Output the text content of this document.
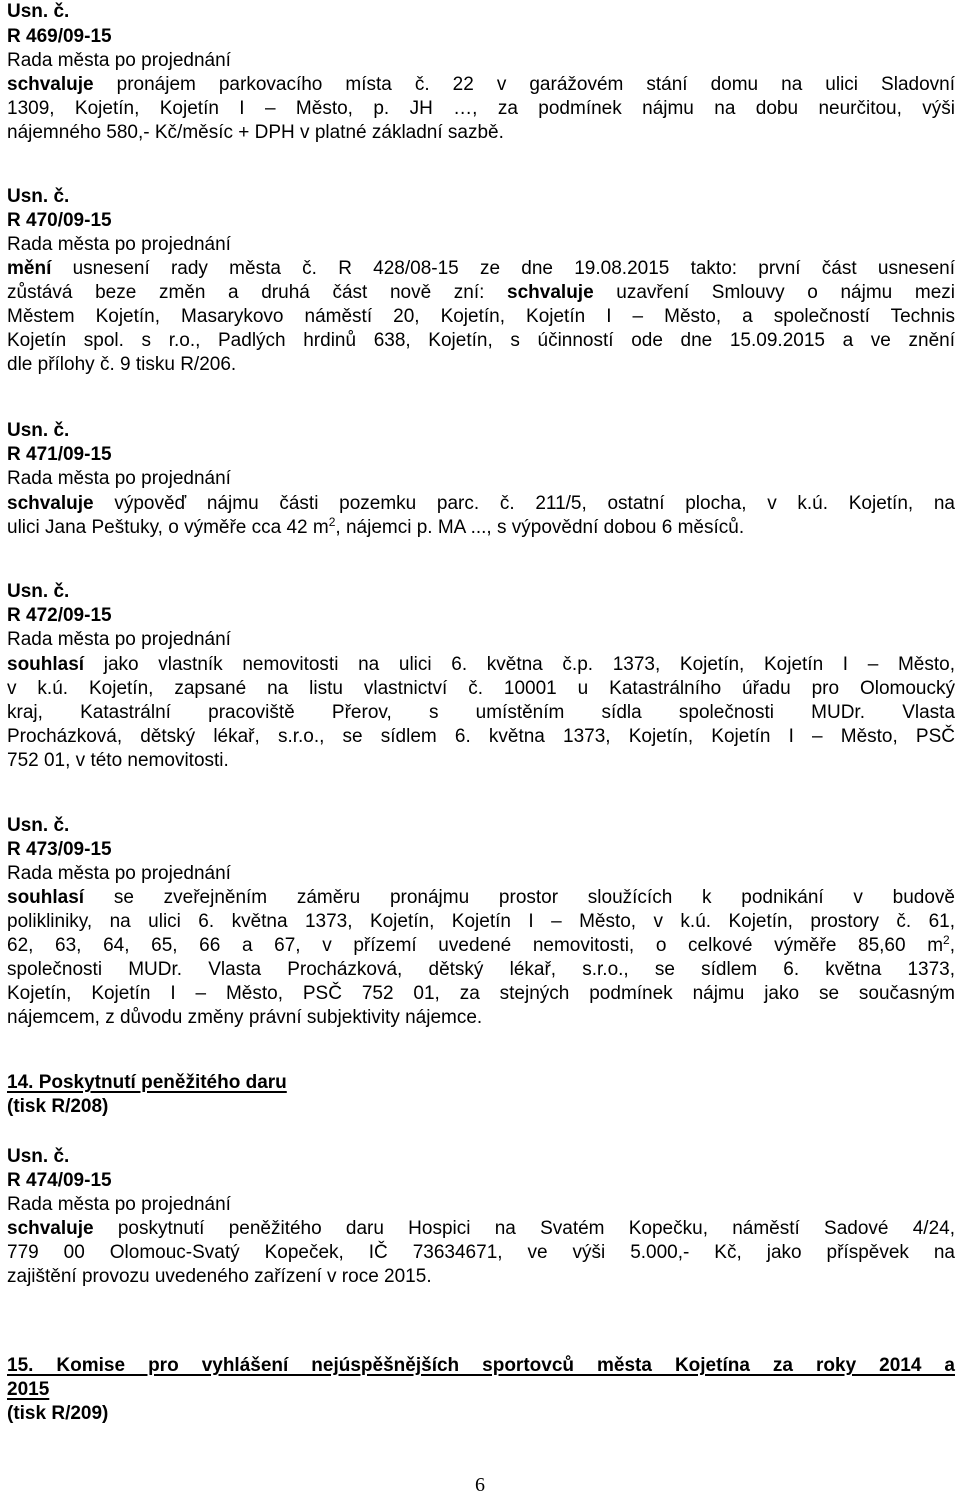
Usn. č.

R 469/09-15

Rada města po projednání

schvaluje pronájem parkovacího místa č. 22 v garážovém stání domu na ulici Sladovní

1309, Kojetín, Kojetín I – Město, p. JH …, za podmínek nájmu na dobu neurčitou, výši

nájemného 580,- Kč/měsíc + DPH v platné základní sazbě.

Usn. č.

R 470/09-15

Rada města po projednání

mění usnesení rady města č. R 428/08-15 ze dne 19.08.2015 takto: první část usnesení

zůstává beze změn a druhá část nově zní: schvaluje uzavření Smlouvy o nájmu mezi

Městem Kojetín, Masarykovo náměstí 20, Kojetín, Kojetín I – Město, a společností Technis

Kojetín spol. s r.o., Padlých hrdinů 638, Kojetín, s účinností ode dne 15.09.2015 a ve znění

dle přílohy č. 9 tisku R/206.

Usn. č.

R 471/09-15

Rada města po projednání

schvaluje výpověď nájmu části pozemku parc. č. 211/5, ostatní plocha, v k.ú. Kojetín, na

ulici Jana Peštuky, o výměře cca 42 $m^2$, nájemci p. MA ..., s výpovědní dobou 6 měsíců.

Usn. č.

R 472/09-15

Rada města po projednání

souhlasí jako vlastník nemovitosti na ulici 6. května č.p. 1373, Kojetín, Kojetín I – Město,

v k.ú. Kojetín, zapsané na listu vlastnictví č. 10001 u Katastrálního úřadu pro Olomoucký

kraj, Katastrální pracoviště Přerov, s umístěním sídla společnosti MUDr. Vlasta

Procházková, dětský lékař, s.r.o., se sídlem 6. května 1373, Kojetín, Kojetín I – Město, PSČ

752 01, v této nemovitosti.

Usn. č.

R 473/09-15

Rada města po projednání

souhlasí se zveřejněním záměru pronájmu prostor sloužících k podnikání v budově

polikliniky, na ulici 6. května 1373, Kojetín, Kojetín I – Město, v k.ú. Kojetín, prostory č. 61,

62, 63, 64, 65, 66 a 67, v přízemí uvedené nemovitosti, o celkové výměře 85,60 $m^2$,

společnosti MUDr. Vlasta Procházková, dětský lékař, s.r.o., se sídlem 6. května 1373,

Kojetín, Kojetín I – Město, PSČ 752 01, za stejných podmínek nájmu jako se současným

nájemcem, z důvodu změny právní subjektivity nájemce.

14. Poskytnutí peněžitého daru

(tisk R/208)

Usn. č.

R 474/09-15

Rada města po projednání

schvaluje poskytnutí peněžitého daru Hospici na Svatém Kopečku, náměstí Sadové 4/24,

779 00 Olomouc-Svatý Kopeček, IČ 73634671, ve výši 5.000,- Kč, jako příspěvek na

zajištění provozu uvedeného zařízení v roce 2015.

15. Komise pro vyhlášení nejúspěšnějších sportovců města Kojetína za roky 2014 a

2015

(tisk R/209)

6
